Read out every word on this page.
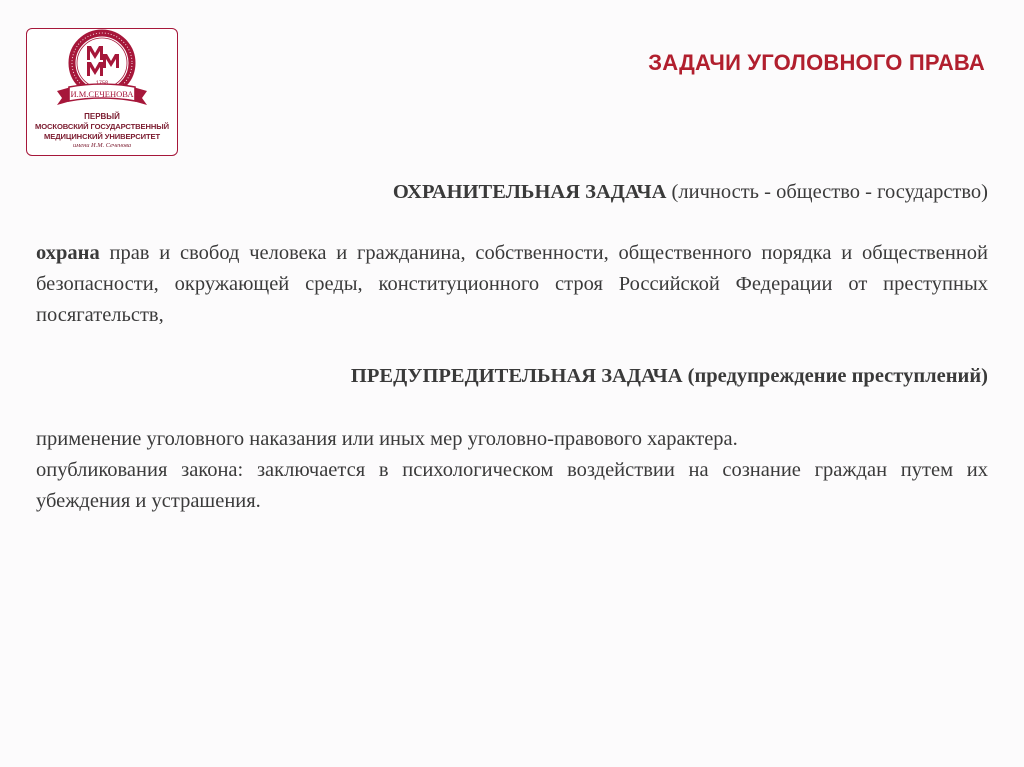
И.М.СЕЧЕНОВА
ПЕРВЫЙ
МОСКОВСКИЙ ГОСУДАРСТВЕННЫЙ
МЕДИЦИНСКИЙ УНИВЕРСИТЕТ
имени И.М. Сеченова
ЗАДАЧИ УГОЛОВНОГО ПРАВА
ОХРАНИТЕЛЬНАЯ ЗАДАЧА (личность - общество - государство)
охрана прав и свобод человека и гражданина, собственности, общественного порядка и общественной безопасности, окружающей среды, конституционного строя Российской Федерации от преступных посягательств,
ПРЕДУПРЕДИТЕЛЬНАЯ ЗАДАЧА (предупреждение преступлений)
применение уголовного наказания или иных мер уголовно-правового характера.
опубликования закона: заключается в психологическом воздействии на сознание граждан путем их убеждения и устрашения.
